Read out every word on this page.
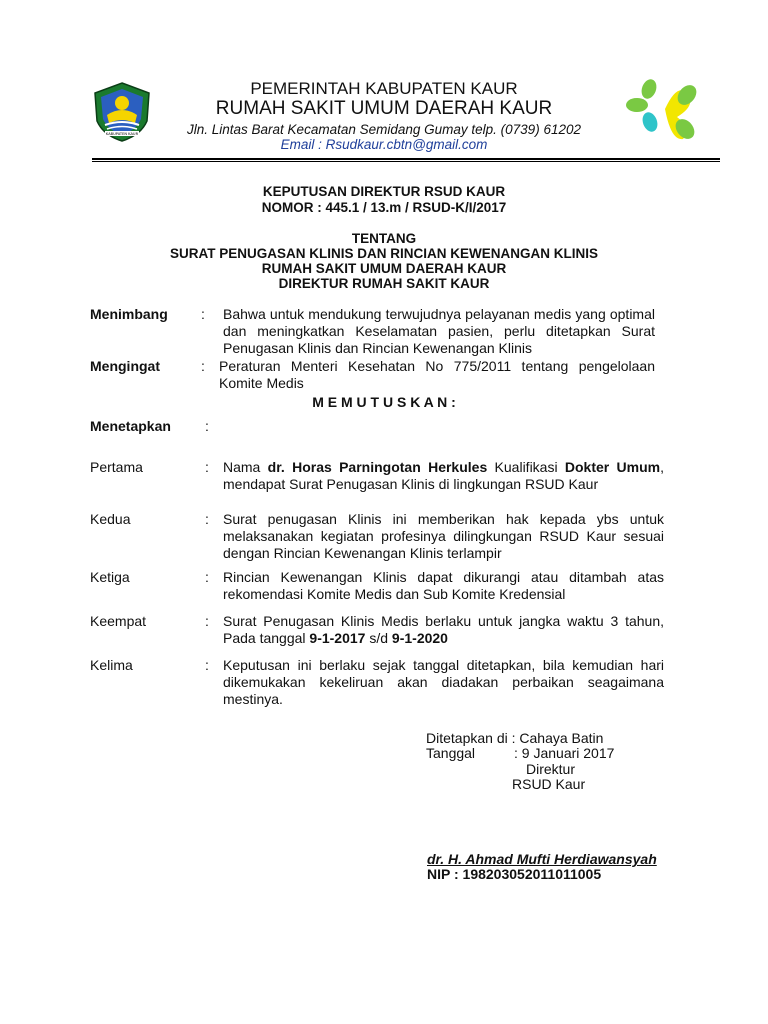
KABUPATEN KAUR
PEMERINTAH KABUPATEN KAUR
RUMAH SAKIT UMUM DAERAH KAUR
Jln. Lintas Barat Kecamatan Semidang Gumay telp. (0739) 61202
Email : Rsudkaur.cbtn@gmail.com
KEPUTUSAN DIREKTUR RSUD KAUR
NOMOR : 445.1 / 13.m / RSUD-K/I/2017
TENTANG
SURAT PENUGASAN KLINIS DAN RINCIAN KEWENANGAN KLINIS
RUMAH SAKIT UMUM DAERAH KAUR
DIREKTUR RUMAH SAKIT KAUR
Menimbang : Bahwa untuk mendukung terwujudnya pelayanan medis yang optimal dan meningkatkan Keselamatan pasien, perlu ditetapkan Surat Penugasan Klinis dan Rincian Kewenangan Klinis
Mengingat	: Peraturan Menteri Kesehatan No 775/2011 tentang pengelolaan Komite Medis
M E M U T U S K A N :
Menetapkan :
Pertama	: Nama dr. Horas Parningotan Herkules Kualifikasi Dokter Umum, mendapat Surat Penugasan Klinis di lingkungan RSUD Kaur
Kedua	: Surat penugasan Klinis ini memberikan hak kepada ybs untuk melaksanakan kegiatan profesinya dilingkungan RSUD Kaur sesuai dengan Rincian Kewenangan Klinis terlampir
Ketiga	: Rincian Kewenangan Klinis dapat dikurangi atau ditambah atas rekomendasi Komite Medis dan Sub Komite Kredensial
Keempat	: Surat Penugasan Klinis Medis berlaku untuk jangka waktu 3 tahun, Pada tanggal 9-1-2017 s/d 9-1-2020
Kelima	: Keputusan ini berlaku sejak tanggal ditetapkan, bila kemudian hari dikemukakan kekeliruan akan diadakan perbaikan seagaimana mestinya.
Ditetapkan di : Cahaya Batin
Tanggal	: 9 Januari 2017
Direktur
RSUD Kaur
dr. H. Ahmad Mufti Herdiawansyah
NIP : 198203052011011005
